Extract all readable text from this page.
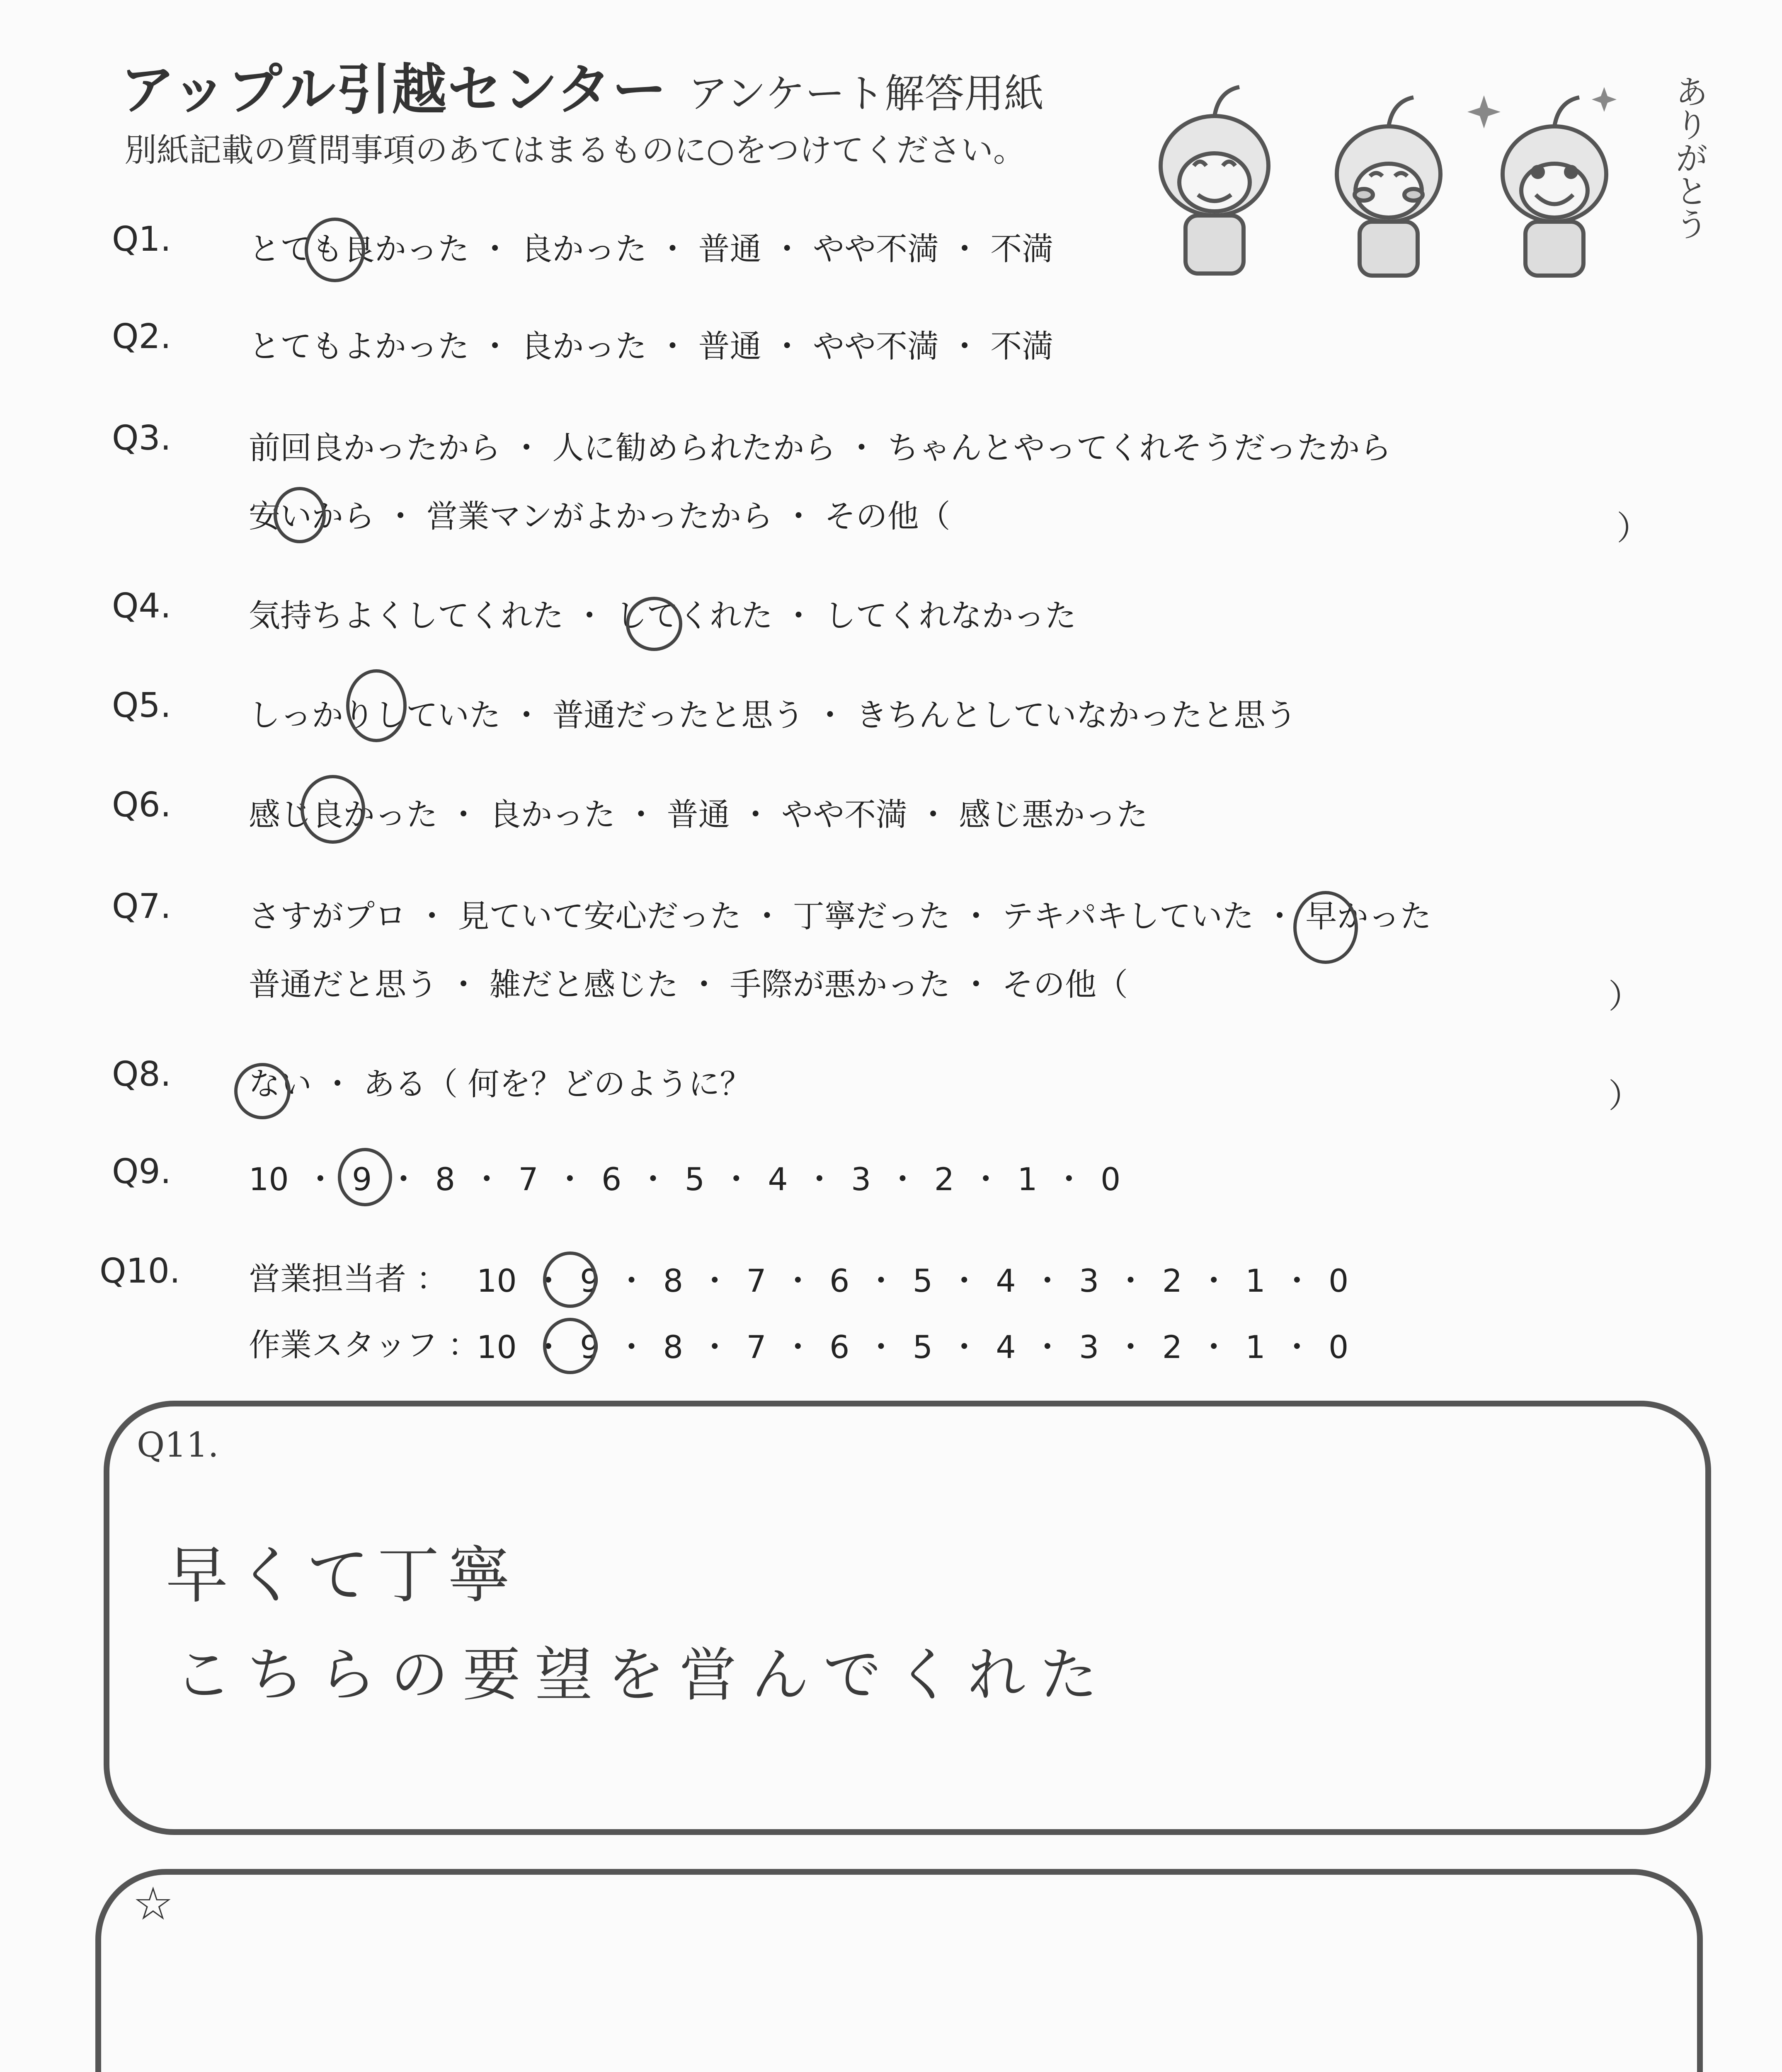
アップル引越センター アンケート解答用紙
別紙記載の質問事項のあてはまるものに○をつけてください。	ありがとう
Q1. とても良かった ・ 良かった ・ 普通 ・ やや不満 ・ 不満
Q2. とてもよかった ・ 良かった ・ 普通 ・ やや不満 ・ 不満
Q3. 前回良かったから ・ 人に勧められたから ・ ちゃんとやってくれそうだったから
安いから ・ 営業マンがよかったから ・ その他（	）
Q4. 気持ちよくしてくれた ・ してくれた ・ してくれなかった
Q5. しっかりしていた ・ 普通だったと思う ・ きちんとしていなかったと思う
Q6. 感じ良かった ・ 良かった ・ 普通 ・ やや不満 ・ 感じ悪かった
Q7. さすがプロ ・ 見ていて安心だった ・ 丁寧だった ・ テキパキしていた ・ 早かった
普通だと思う ・ 雑だと感じた ・ 手際が悪かった ・ その他（	）
Q8. ない ・ ある（ 何を？どのように？	）
Q9. 10 ・ 9 ・ 8 ・ 7 ・ 6 ・ 5 ・ 4 ・ 3 ・ 2 ・ 1 ・ 0
Q10. 営業担当者 ： 10 ・ 9 ・ 8 ・ 7 ・ 6 ・ 5 ・ 4 ・ 3 ・ 2 ・ 1 ・ 0
作業スタッフ ：
10 ・ 9 ・ 8 ・ 7 ・ 6 ・ 5 ・ 4 ・ 3 ・ 2 ・ 1 ・ 0
Q11.
早くて丁寧
こちらの要望を営んでくれた
☆
